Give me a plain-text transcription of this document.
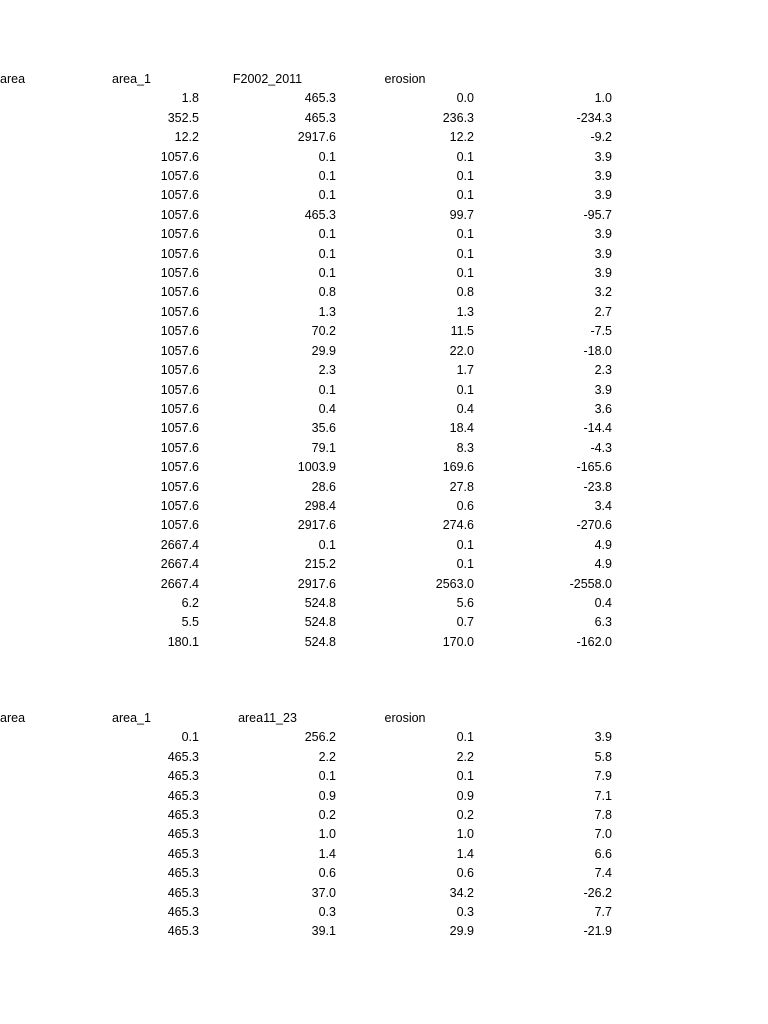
area	area_1	F2002_2011	erosion		
	1.8	465.3	0.0	1.0	
	352.5	465.3	236.3	-234.3	
	12.2	2917.6	12.2	-9.2	
	1057.6	0.1	0.1	3.9	
	1057.6	0.1	0.1	3.9	
	1057.6	0.1	0.1	3.9	
	1057.6	465.3	99.7	-95.7	
	1057.6	0.1	0.1	3.9	
	1057.6	0.1	0.1	3.9	
	1057.6	0.1	0.1	3.9	
	1057.6	0.8	0.8	3.2	
	1057.6	1.3	1.3	2.7	
	1057.6	70.2	11.5	-7.5	
	1057.6	29.9	22.0	-18.0	
	1057.6	2.3	1.7	2.3	
	1057.6	0.1	0.1	3.9	
	1057.6	0.4	0.4	3.6	
	1057.6	35.6	18.4	-14.4	
	1057.6	79.1	8.3	-4.3	
	1057.6	1003.9	169.6	-165.6	
	1057.6	28.6	27.8	-23.8	
	1057.6	298.4	0.6	3.4	
	1057.6	2917.6	274.6	-270.6	
	2667.4	0.1	0.1	4.9	
	2667.4	215.2	0.1	4.9	
	2667.4	2917.6	2563.0	-2558.0	
	6.2	524.8	5.6	0.4	
	5.5	524.8	0.7	6.3	
	180.1	524.8	170.0	-162.0	
area	area_1	area11_23	erosion		
	0.1	256.2	0.1	3.9	
	465.3	2.2	2.2	5.8	
	465.3	0.1	0.1	7.9	
	465.3	0.9	0.9	7.1	
	465.3	0.2	0.2	7.8	
	465.3	1.0	1.0	7.0	
	465.3	1.4	1.4	6.6	
	465.3	0.6	0.6	7.4	
	465.3	37.0	34.2	-26.2	
	465.3	0.3	0.3	7.7	
	465.3	39.1	29.9	-21.9	
